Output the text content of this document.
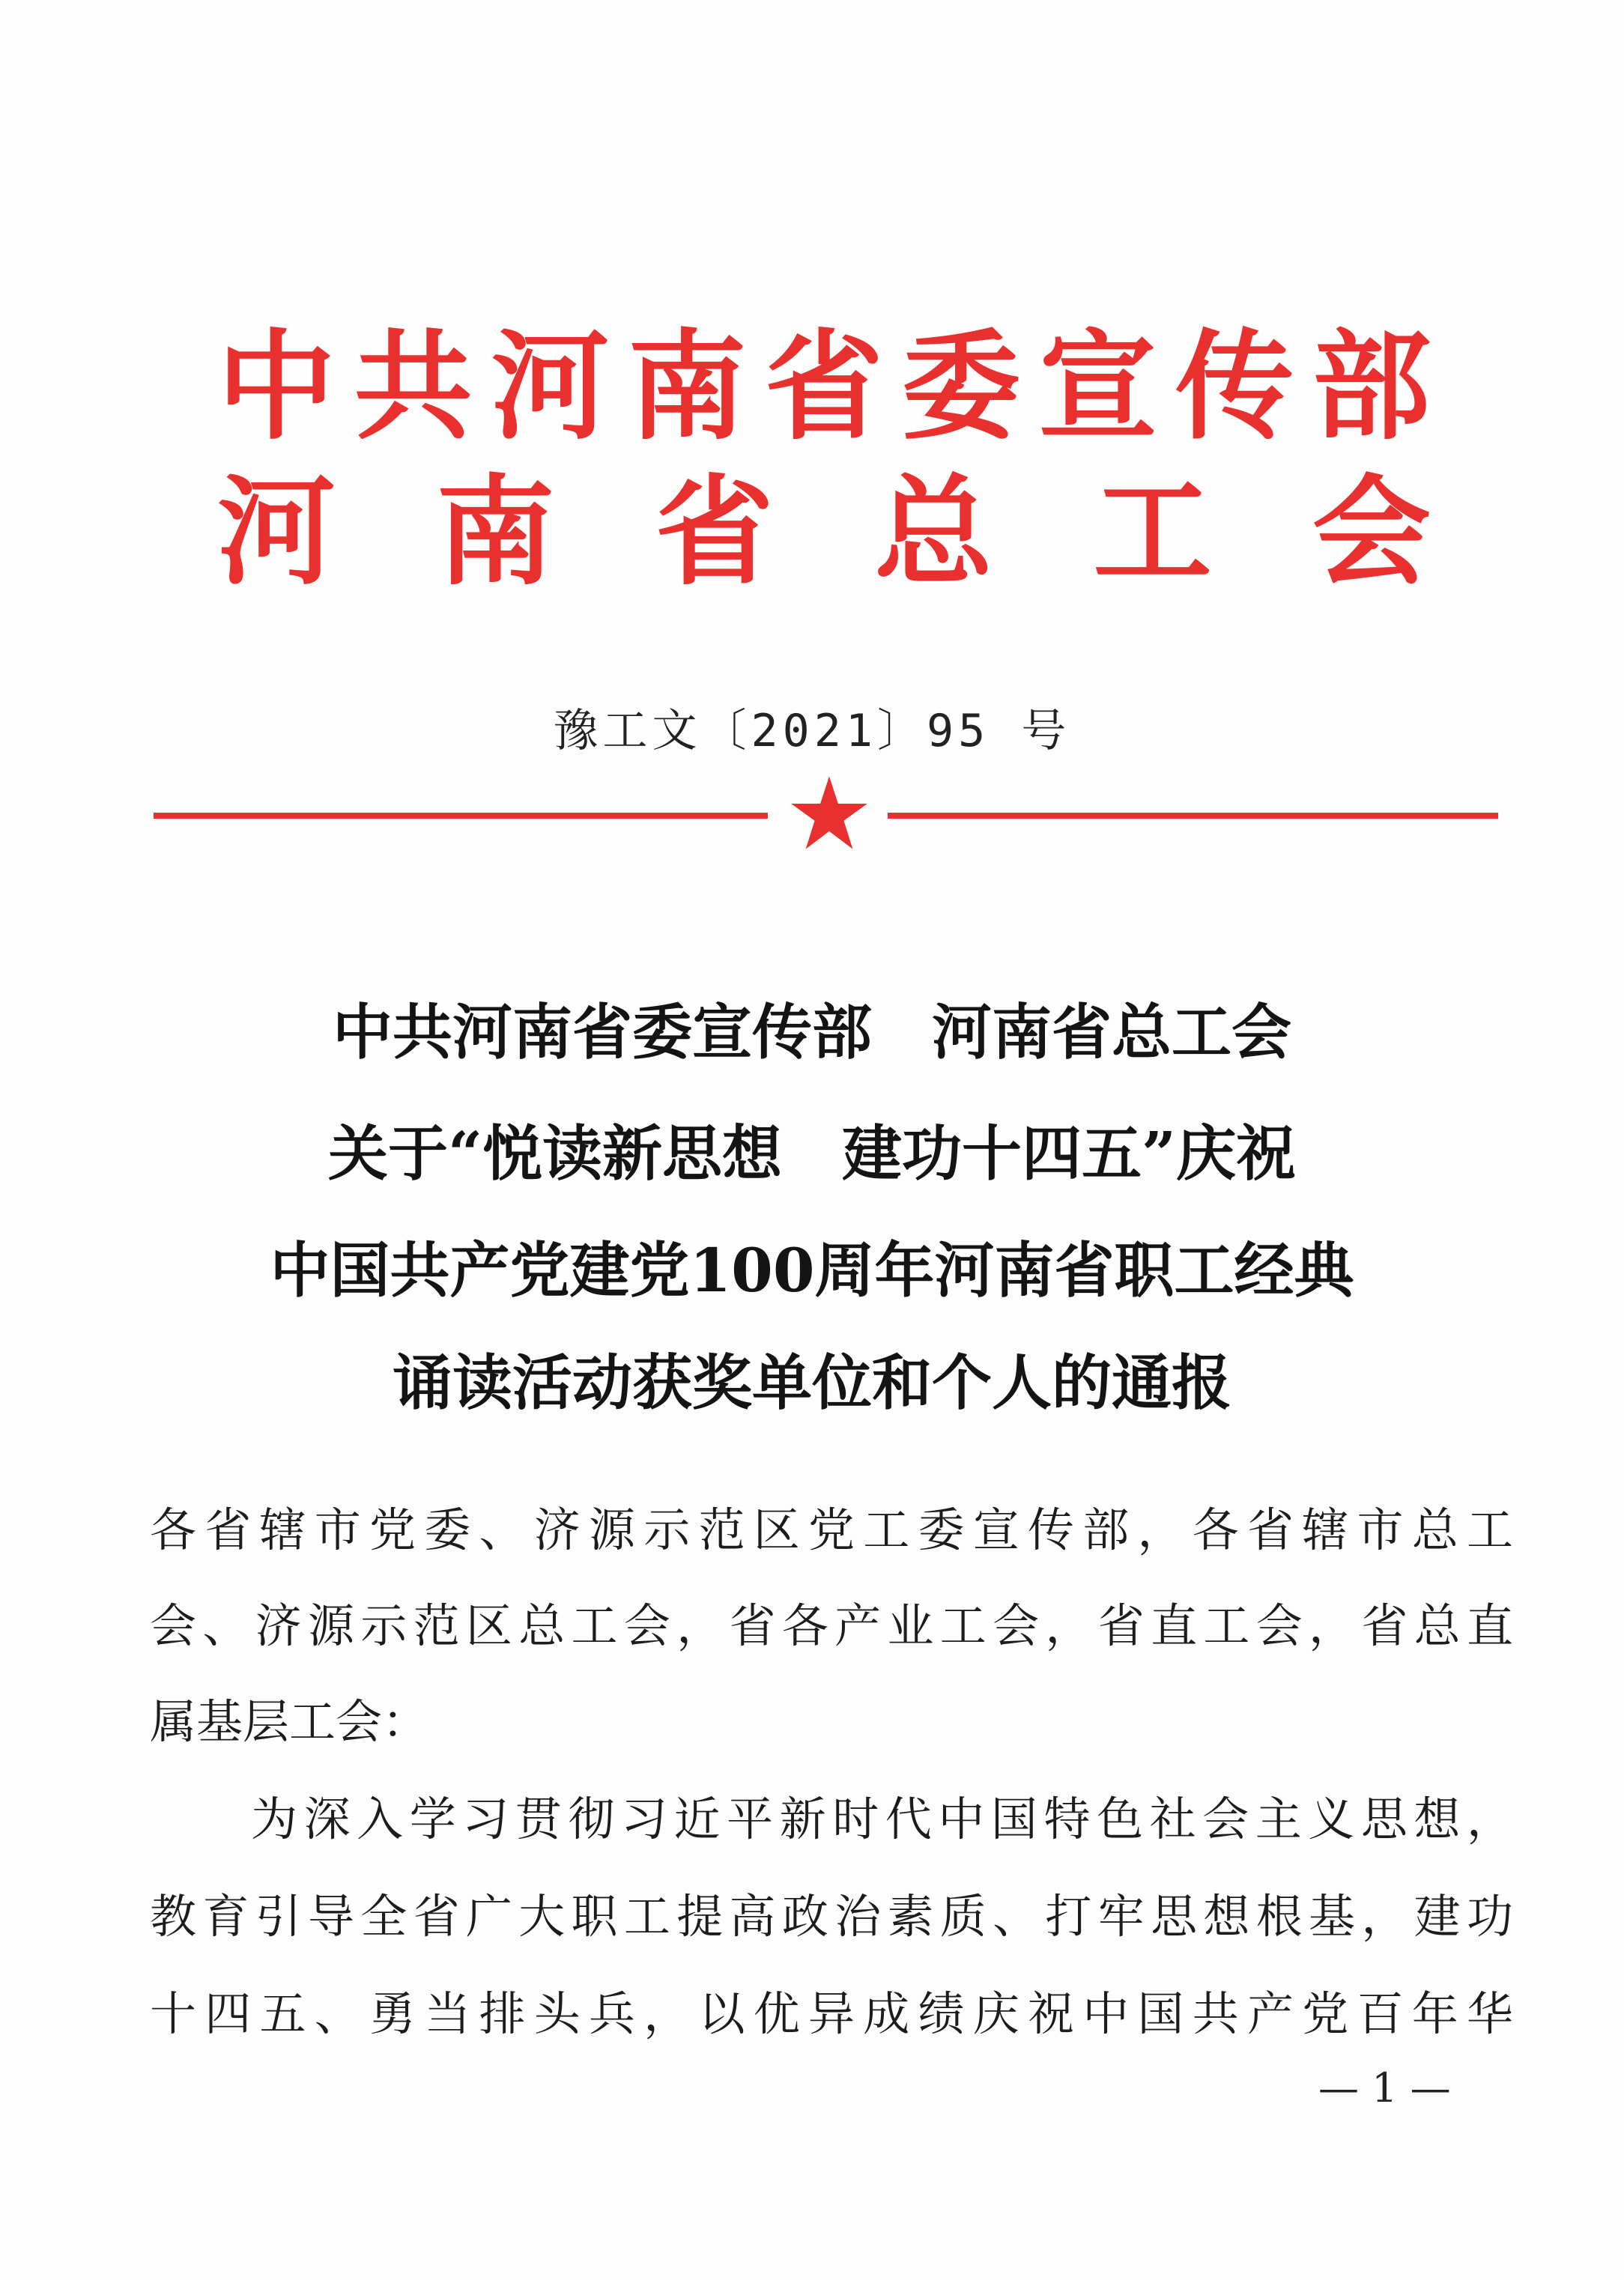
中 共 河 南 省 委 宣 传 部
河 南 省 总 工 会
豫工文〔2021〕95 号
中共河南省委宣传部　河南省总工会
关于“悦读新思想　建功十四五”庆祝
中国共产党建党100周年河南省职工经典
诵读活动获奖单位和个人的通报
各省辖市党委、济源示范区党工委宣传部，各省辖市总工
会、济源示范区总工会，省各产业工会，省直工会，省总直
属基层工会：
为深入学习贯彻习近平新时代中国特色社会主义思想，
教育引导全省广大职工提高政治素质、打牢思想根基，建功
十四五、勇当排头兵，以优异成绩庆祝中国共产党百年华
— 1 —
